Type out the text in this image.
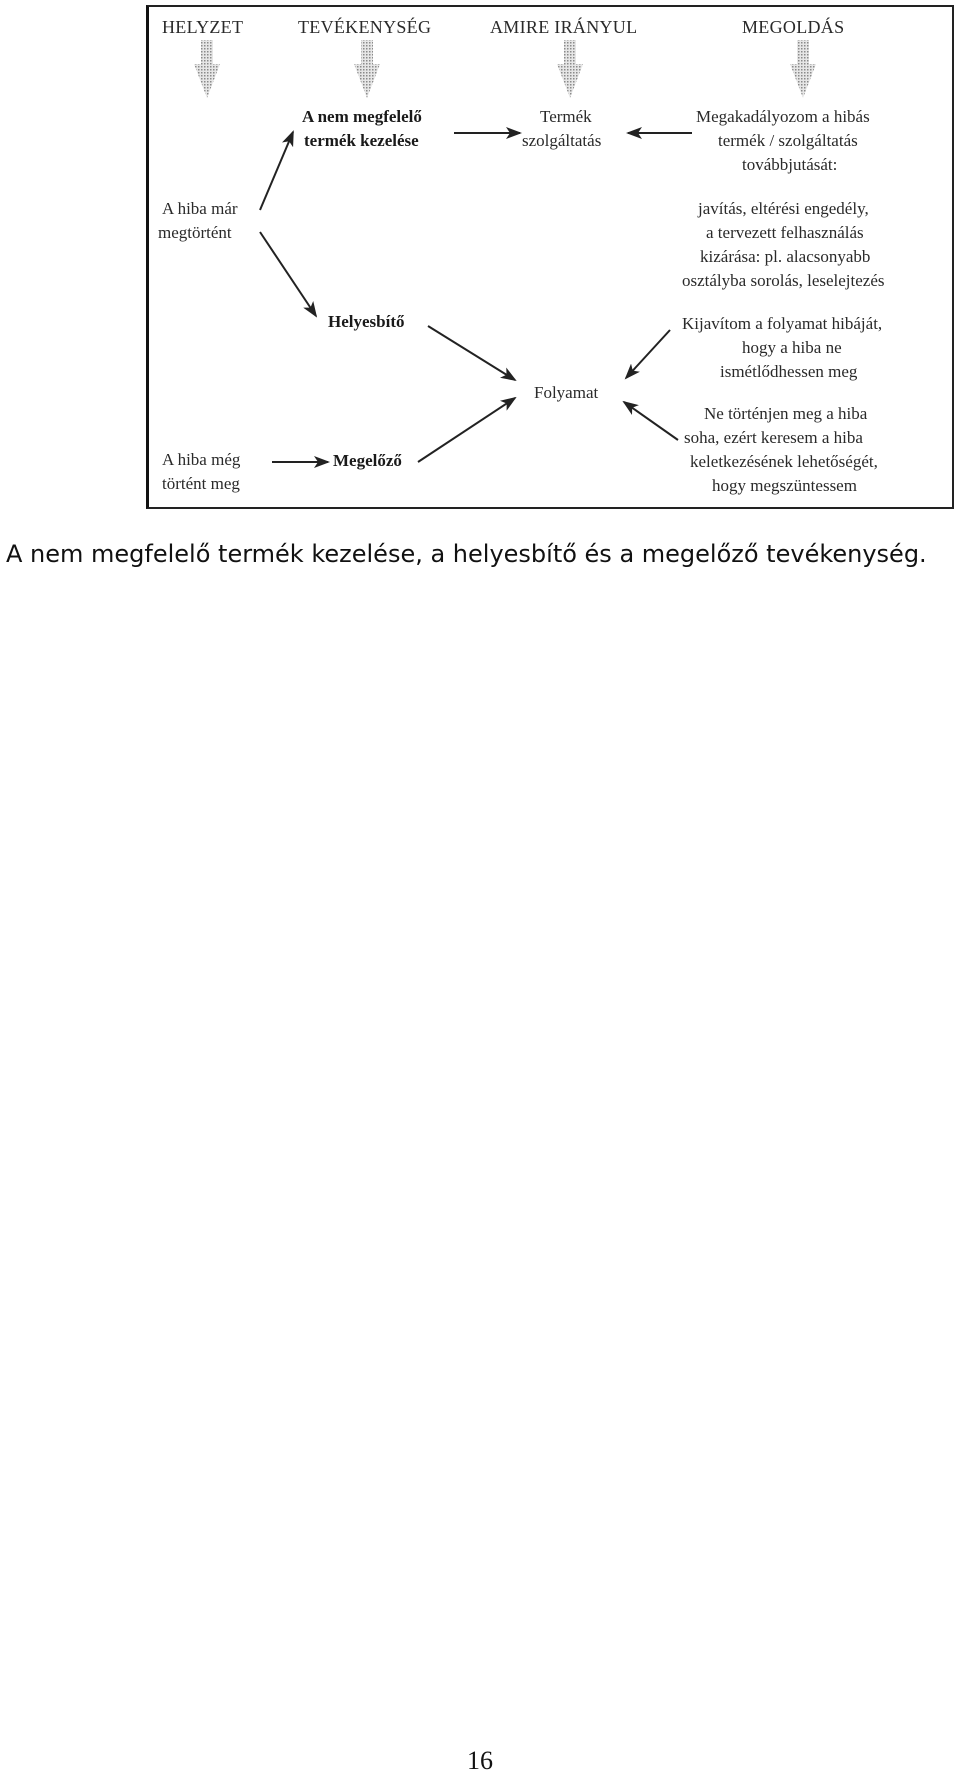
HELYZET	TEVÉKENYSÉG	AMIRE IRÁNYUL	MEGOLDÁS
A hiba már
megtörtént
A hiba még
történt meg
A nem megfelelő
termék kezelése
Helyesbítő
Megelőző
Termék
szolgáltatás
Folyamat
Megakadályozom a hibás
termék / szolgáltatás
továbbjutását:
javítás, eltérési engedély,
a tervezett felhasználás
kizárása: pl. alacsonyabb
osztályba sorolás, leselejtezés
Kijavítom a folyamat hibáját,
hogy a hiba ne
ismétlődhessen meg
Ne történjen meg a hiba
soha, ezért keresem a hiba
keletkezésének lehetőségét,
hogy megszüntessem
A nem megfelelő termék kezelése, a helyesbítő és a megelőző tevékenység.
16
